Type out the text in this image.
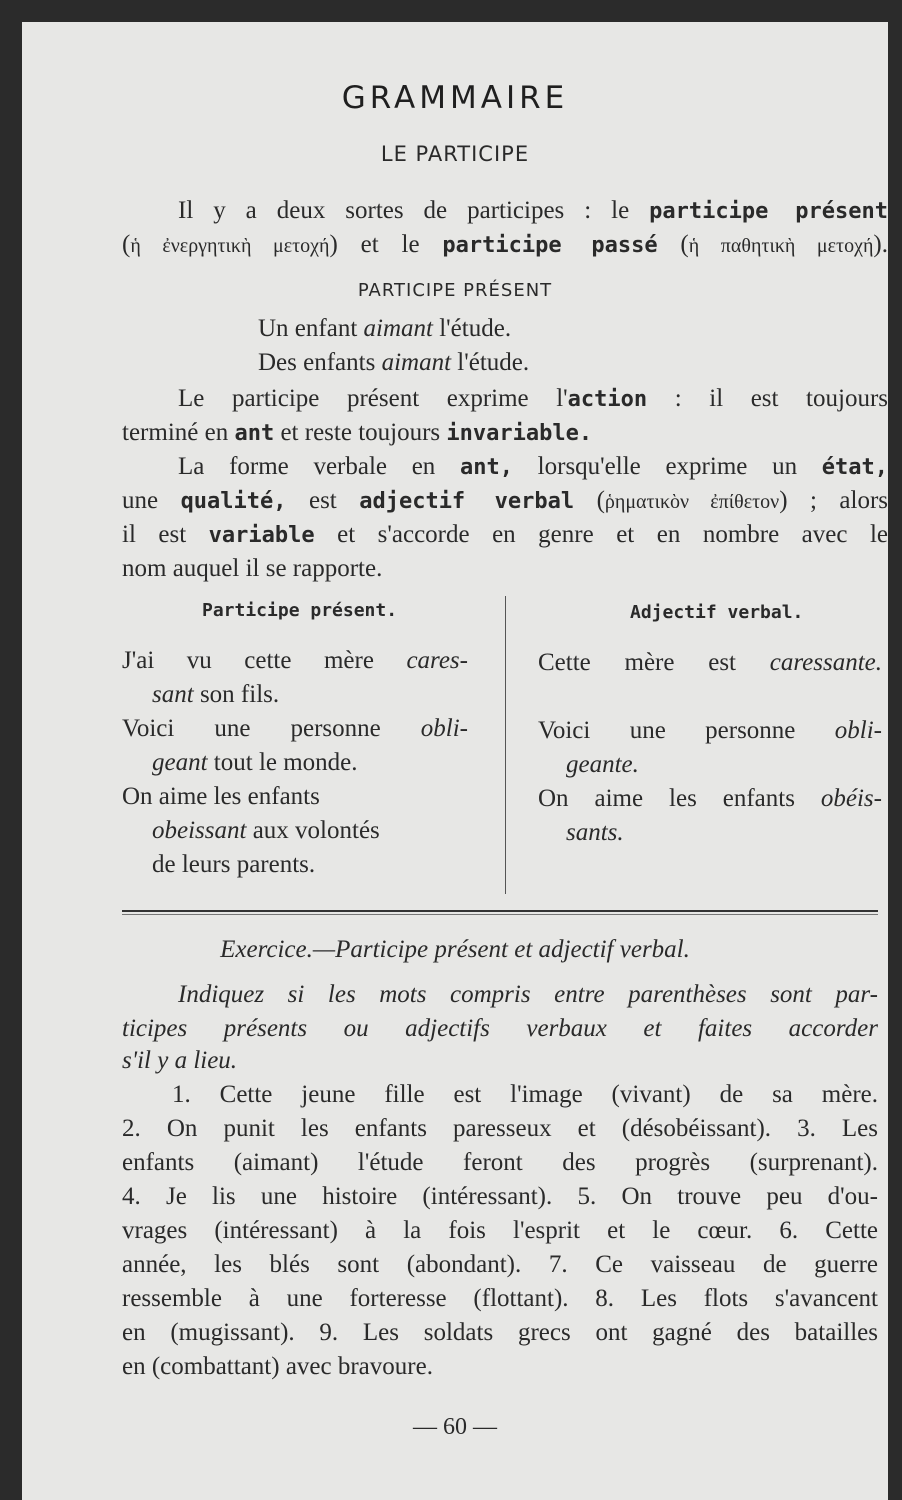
GRAMMAIRE
LE PARTICIPE
Il y a deux sortes de participes : le participe présent
(ἡ ἐνεργητικὴ μετοχή) et le participe passé (ἡ παθητικὴ μετοχή).
PARTICIPE PRÉSENT
Un enfant aimant l'étude.
Des enfants aimant l'étude.
Le participe présent exprime l'action : il est toujours
terminé en ant et reste toujours invariable.
La forme verbale en ant, lorsqu'elle exprime un état,
une qualité, est adjectif verbal (ῥηματικὸν ἐπίθετον) ; alors
il est variable et s'accorde en genre et en nombre avec le
nom auquel il se rapporte.
Participe présent.	Adjectif verbal.
J'ai vu cette mère cares-
sant son fils.
Voici une personne obli-
geant tout le monde.
On aime les enfants
obeissant aux volontés
de leurs parents.
Cette mère est caressante.
Voici une personne obli-
geante.
On aime les enfants obéis-
sants.
Exercice.—Participe présent et adjectif verbal.
Indiquez si les mots compris entre parenthèses sont par-
ticipes présents ou adjectifs verbaux et faites accorder
s'il y a lieu.
1. Cette jeune fille est l'image (vivant) de sa mère.
2. On punit les enfants paresseux et (désobéissant). 3. Les
enfants (aimant) l'étude feront des progrès (surprenant).
4. Je lis une histoire (intéressant). 5. On trouve peu d'ou-
vrages (intéressant) à la fois l'esprit et le cœur. 6. Cette
année, les blés sont (abondant). 7. Ce vaisseau de guerre
ressemble à une forteresse (flottant). 8. Les flots s'avancent
en (mugissant). 9. Les soldats grecs ont gagné des batailles
en (combattant) avec bravoure.
— 60 —
